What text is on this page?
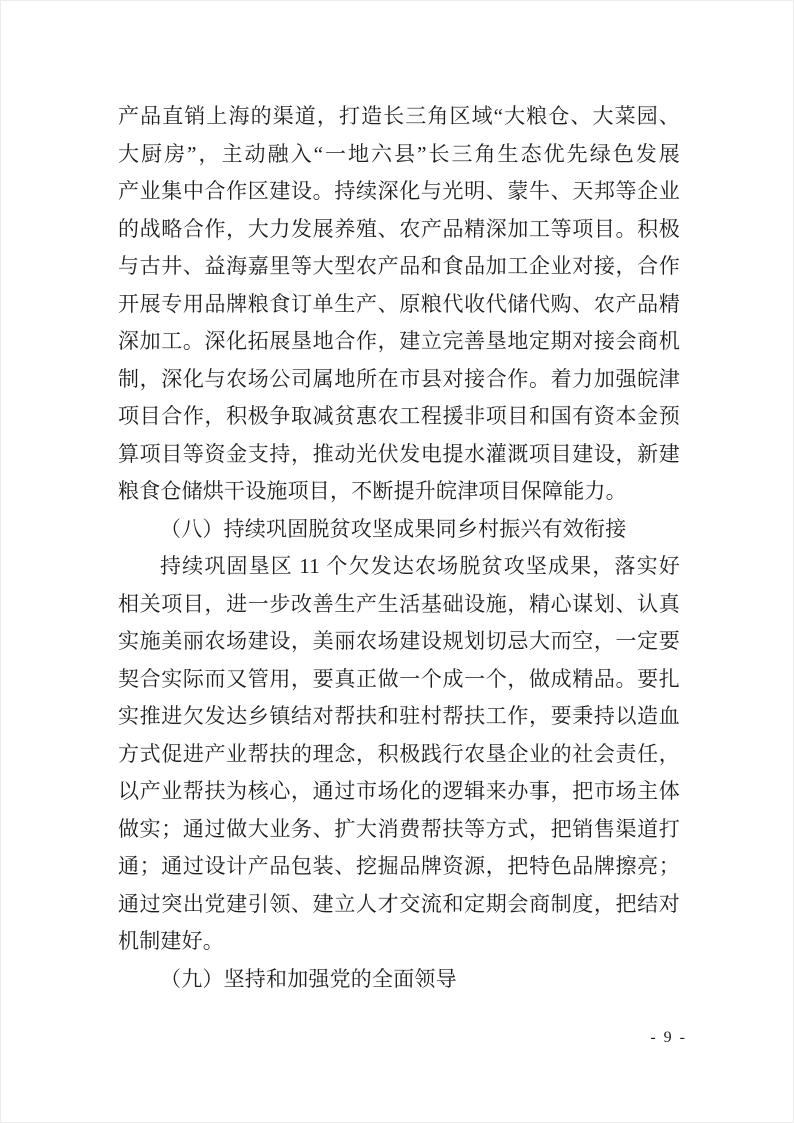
产品直销上海的渠道，打造长三角区域“大粮仓、大菜园、
大厨房”，主动融入“一地六县”长三角生态优先绿色发展
产业集中合作区建设。持续深化与光明、蒙牛、天邦等企业
的战略合作，大力发展养殖、农产品精深加工等项目。积极
与古井、益海嘉里等大型农产品和食品加工企业对接，合作
开展专用品牌粮食订单生产、原粮代收代储代购、农产品精
深加工。深化拓展垦地合作，建立完善垦地定期对接会商机
制，深化与农场公司属地所在市县对接合作。着力加强皖津
项目合作，积极争取减贫惠农工程援非项目和国有资本金预
算项目等资金支持，推动光伏发电提水灌溉项目建设，新建
粮食仓储烘干设施项目，不断提升皖津项目保障能力。
（八）持续巩固脱贫攻坚成果同乡村振兴有效衔接
持续巩固垦区 11 个欠发达农场脱贫攻坚成果，落实好
相关项目，进一步改善生产生活基础设施，精心谋划、认真
实施美丽农场建设，美丽农场建设规划切忌大而空，一定要
契合实际而又管用，要真正做一个成一个，做成精品。要扎
实推进欠发达乡镇结对帮扶和驻村帮扶工作，要秉持以造血
方式促进产业帮扶的理念，积极践行农垦企业的社会责任，
以产业帮扶为核心，通过市场化的逻辑来办事，把市场主体
做实；通过做大业务、扩大消费帮扶等方式，把销售渠道打
通；通过设计产品包装、挖掘品牌资源，把特色品牌擦亮；
通过突出党建引领、建立人才交流和定期会商制度，把结对
机制建好。
（九）坚持和加强党的全面领导
- 9 -
